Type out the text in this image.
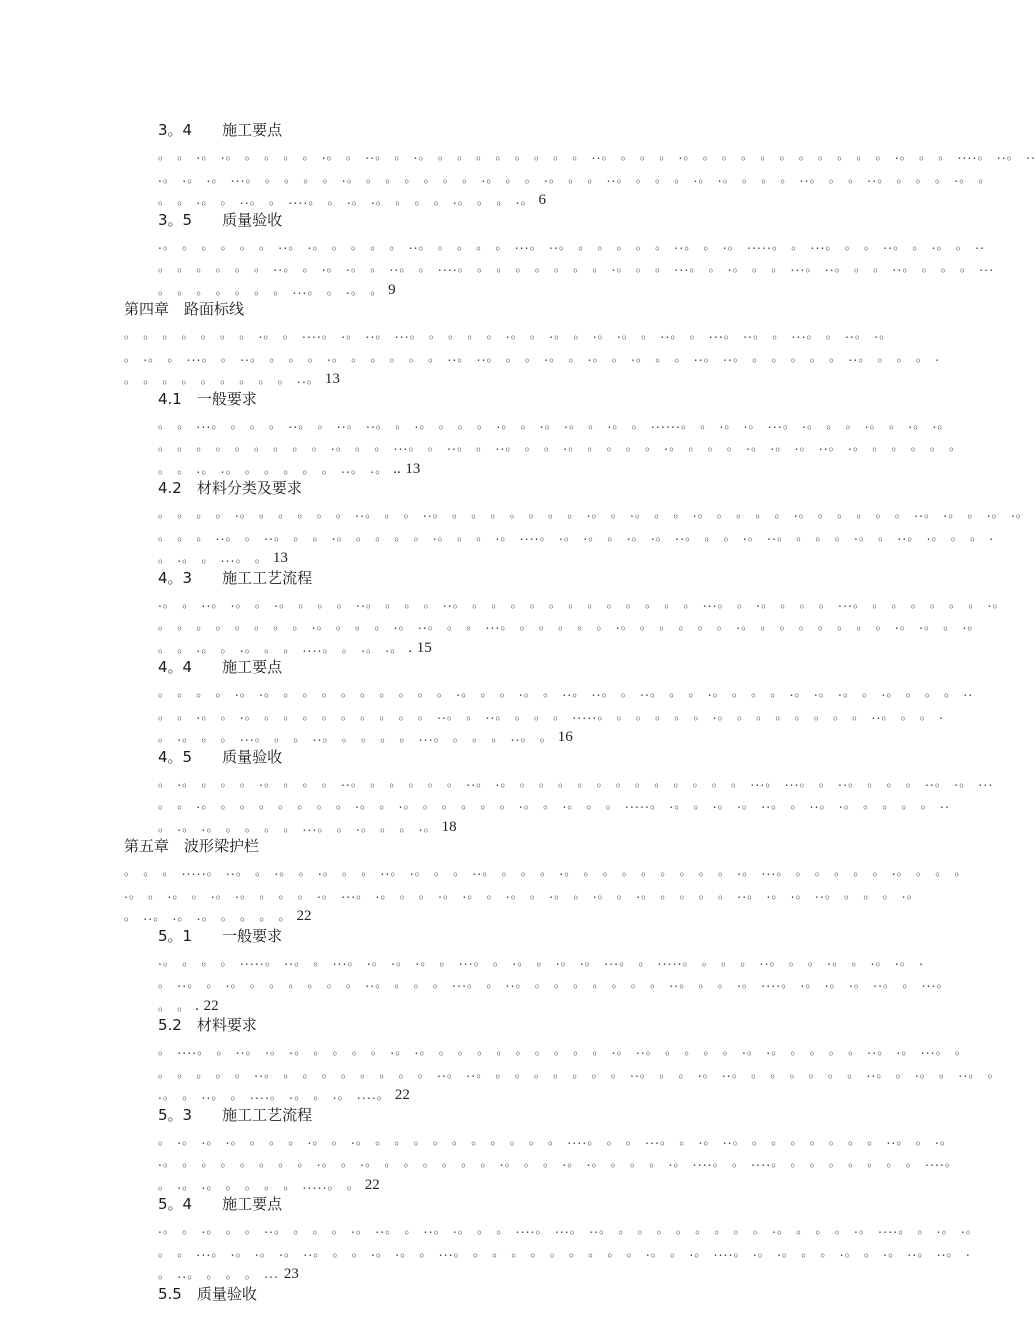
3。4　　施工要点
。 。 .。 .。 。 。 。 。 .。 。 ..。 。 .。 。 。 。 。 。 。 。 。 ..。 。 。 。 .。 。 。 。 。 。 。 。 。 。 。 .。 。 。 ....。 ..。 ..
.。 .。 .。 ...。 。 。 。 。 .。 。 。 。 。 。 。 .。 。 。 .。 。 。 ..。 。 。 。 .。 .。 。 。 。 ..。 。 。 ..。 。 。 。 .。 。
。 。 .。 。 ..。 。 ....。 。 .。 .。 。 。 。 .。 。 。 .。 6
3。5　　质量验收
.。 。 。 。 。 。 ..。 .。 。 。 。 。 ..。 。 。 。 。 ...。 ..。 。 。 。 。 。 ..。 。 .。 .....。 。 ...。 。 。 ..。 。 .。 。 ..
。 。 。 。 。 。 ..。 。 .。 .。 。 ..。 。 ....。 。 。 。 。 。 。 。 .。 。 。 ...。 。 .。 。 。 ...。 ..。 。 。 ..。 。 。 。 ...
。 。 。 。 。 。 。 ...。 。 .。 。 9
第四章　路面标线
。 。 。 。 。 。 。 .。 。 ....。 .。 ..。 ...。 。 。 。 。 .。 。 .。 。 .。 .。 。 ..。 。 ...。 ..。 。 ...。 。 ..。 .。
。 .。 。 ...。 。 ..。 。 。 。 .。 。 。 。 。 。 ..。 ..。 。 。 .。 。 .。 。 .。 。 。 ..。 ..。 。 。 。 。 。 ..。 。 。 。 .
。 。 。 。 。 。 。 。 。 ..。 13
4.1　一般要求
。 。 ...。 。 。 。 ..。 。 ..。 ..。 。 .。 。 。 。 .。 。 .。 .。 。 .。 。 ......。 。 .。 .。 ...。 .。 。 。 .。 。 .。 .。
。 。 。 。 。 。 。 。 。 .。 。 。 ...。 。 ..。 。 ..。 。 。 .。 。 。 。 。 .。 。 。 。 .。 .。 .。 ..。 .。 。 。 。 。 。
。 。 .。 .。 。 。 。 。 。 ..。 .。 .. 13
4.2　材料分类及要求
。 。 。 。 .。 。 。 。 。 。 ..。 。 。 ..。 。 。 。 。 。 。 。 .。 。 .。 。 。 .。 。 。 。 。 .。 。 。 。 。 。 ..。 .。 。 .。 .。
。 。 。 ..。 。 ..。 。 。 .。 。 。 。 。 .。 。 。 .。 ....。 .。 .。 。 .。 .。 ..。 。 。 .。 ..。 。 。 。 .。 。 ..。 .。 。 。 .
。 .。 。 ...。 。 13
4。3　　施工工艺流程
.。 。 ..。 .。 。 .。 。 。 。 ..。 。 。 。 ..。 。 。 。 。 。 。 。 。 。 。 。 。 ...。 。 .。 。 。 。 ...。 。 。 。 。 。 。 .。
。 。 。 。 。 。 。 。 .。 。 。 。 .。 ..。 。 。 ...。 。 。 。 。 。 .。 。 。 。 。 。 .。 。 。 。 。 。 。 。 .。 .。 。 .。
。 。 .。 。 .。 。 。 ....。 。 .。 .。 . 15
4。4　　施工要点
。 。 。 。 .。 .。 。 。 。 。 。 。 。 。 。 .。 。 。 .。 。 ..。 ..。 。 ..。 。 。 .。 。 。 。 .。 .。 .。 。 .。 。 。 。 ..
。 。 .。 。 .。 。 。 。 。 。 。 。 。 。 ..。 。 ..。 。 。 。 .....。 。 。 。 。 。 .。 。 。 。 。 。 。 。 ..。 。 。 .
。 .。 。 。 ...。 。 。 ..。 。 。 。 。 ...。 。 。 。 ..。 。 16
4。5　　质量验收
。 .。 。 。 。 .。 。 。 。 ..。 。 。 。 。 。 ..。 .。 。 。 。 。 。 。 。 。 。 。 。 。 ...。 ...。 。 ..。 。 。 。 ..。 .。 ...
。 。 .。 。 。 。 。 。 。 。 .。 。 .。 。 。 。 。 。 .。 。 .。 。 。 .....。 .。 。 .。 .。 ..。 。 ..。 .。 。 。 。 。 ..
。 .。 .。 。 。 。 。 ...。 。 .。 。 。 .。 18
第五章　波形梁护栏
。 。 。 .....。 ..。 。 .。 。 .。 。 。 ..。 .。 。 。 ..。 。 。 。 .。 。 。 。 。 。 。 。 。 .。 ...。 。 。 。 。 。 .。 。 。 。
.。 。 .。 。 .。 .。 。 。 。 .。 ...。 .。 。 。 .。 .。 。 .。 。 .。 。 .。 。 .。 。 。 。 。 ..。 .。 .。 ..。 。 。 。 .。
。 ..。 .。 .。 。 。 。 。 22
5。1　　一般要求
.。 。 。 。 .....。 ..。 。 ...。 .。 .。 .。 。 ...。 。 .。 。 .。 .。 ...。 。 .....。 。 。 。 ..。 。 。 .。 。 .。 .。 .
。 ..。 。 .。 。 。 。 。 。 。 ..。 。 。 。 ...。 。 ..。 。 。 。 。 。 。 。 ..。 。 。 .。 ....。 .。 .。 .。 ..。 。 ...。
。 。 . 22
5.2　材料要求
。 ....。 。 ..。 .。 .。 。 。 。 。 .。 .。 。 。 。 。 。 。 。 。 。 .。 ..。 。 。 。 。 .。 .。 。 。 。 。 ..。 .。 ...。 。
。 。 。 。 。 ..。 。 。 。 。 。 。 。 。 ..。 ..。 。 。 。 。 。 。 。 ..。 。 。 .。 ..。 。 。 。 。 。 。 ..。 。 .。 。 ..。 。
.。 。 ..。 。 ....。 .。 。 .。 ....。 22
5。3　　施工工艺流程
。 .。 .。 .。 。 。 。 .。 。 .。 。 。 。 。 。 。 。 。 。 。 ....。 。 。 ...。 。 .。 ..。 。 。 。 。 。 。 。 ..。 。 .。
.。 。 。 。 。 。 。 。 .。 。 .。 。 。 。 。 。 。 .。 。 。 .。 .。 。 。 。 .。 ....。 。 ....。 。 。 。 。 。 。 。 ....。
。 .。 .。 。 。 。 。 .....。 。 22
5。4　　施工要点
.。 。 .。 。 。 ..。 。 。 。 .。 ..。 。 ..。 .。 。 。 ....。 ...。 ..。 。 。 。 。 。 。 。 。 .。 。 。 。 .。 ....。 。 .。 .。
。 。 ...。 .。 .。 .。 ..。 。 。 .。 .。 。 ...。 。 。 。 。 。 。 。 。 。 .。 。 .。 ....。 .。 .。 。 。 .。 。 .。 ..。 ..。 .
。 ..。 。 。 。 ... 23
5.5　质量验收
